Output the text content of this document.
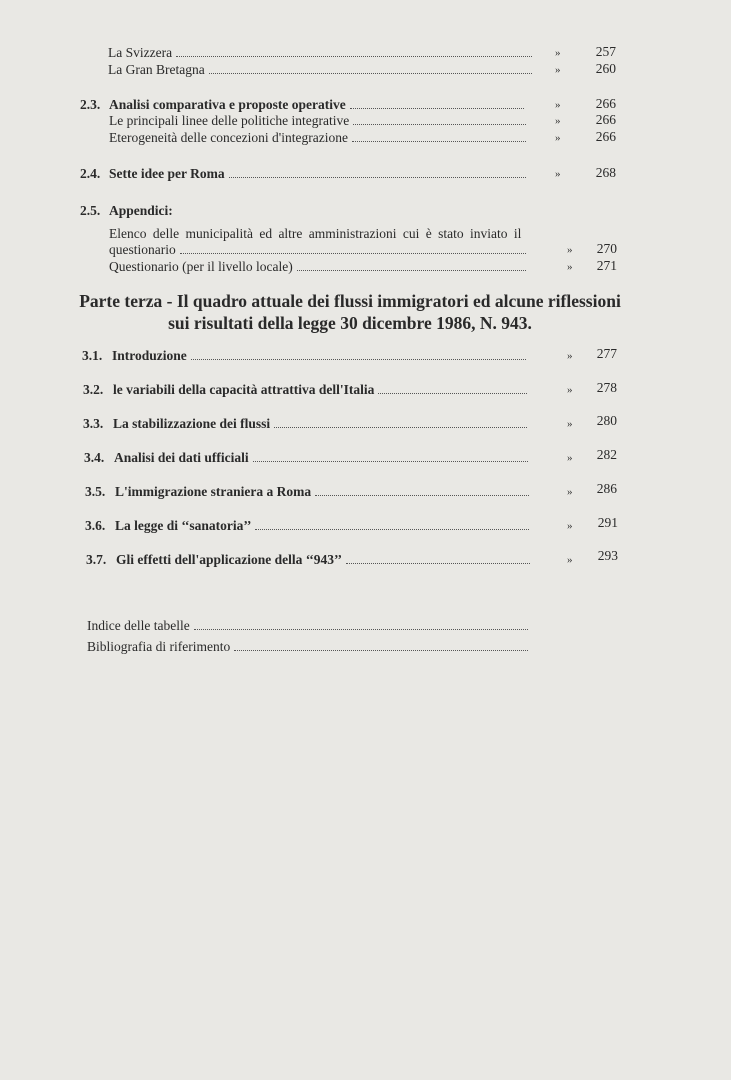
La Svizzera	»	257
La Gran Bretagna	»	260
2.3. Analisi comparativa e proposte operative	»	266
Le principali linee delle politiche integrative	»	266
Eterogeneità delle concezioni d'integrazione	»	266
2.4. Sette idee per Roma	»	268
2.5. Appendici:
Elenco delle municipalità ed altre amministrazioni cui è stato inviato il
questionario	»	270
Questionario (per il livello locale)	»	271
Parte terza - Il quadro attuale dei flussi immigratori ed alcune riflessioni
sui risultati della legge 30 dicembre 1986, N. 943.
3.1. Introduzione	»	277
3.2. le variabili della capacità attrattiva dell'Italia	»	278
3.3. La stabilizzazione dei flussi	»	280
3.4. Analisi dei dati ufficiali	»	282
3.5. L'immigrazione straniera a Roma	»	286
3.6. La legge di ‘‘sanatoria’’	»	291
3.7. Gli effetti dell'applicazione della ‘‘943’’	»	293
Indice delle tabelle
Bibliografia di riferimento
